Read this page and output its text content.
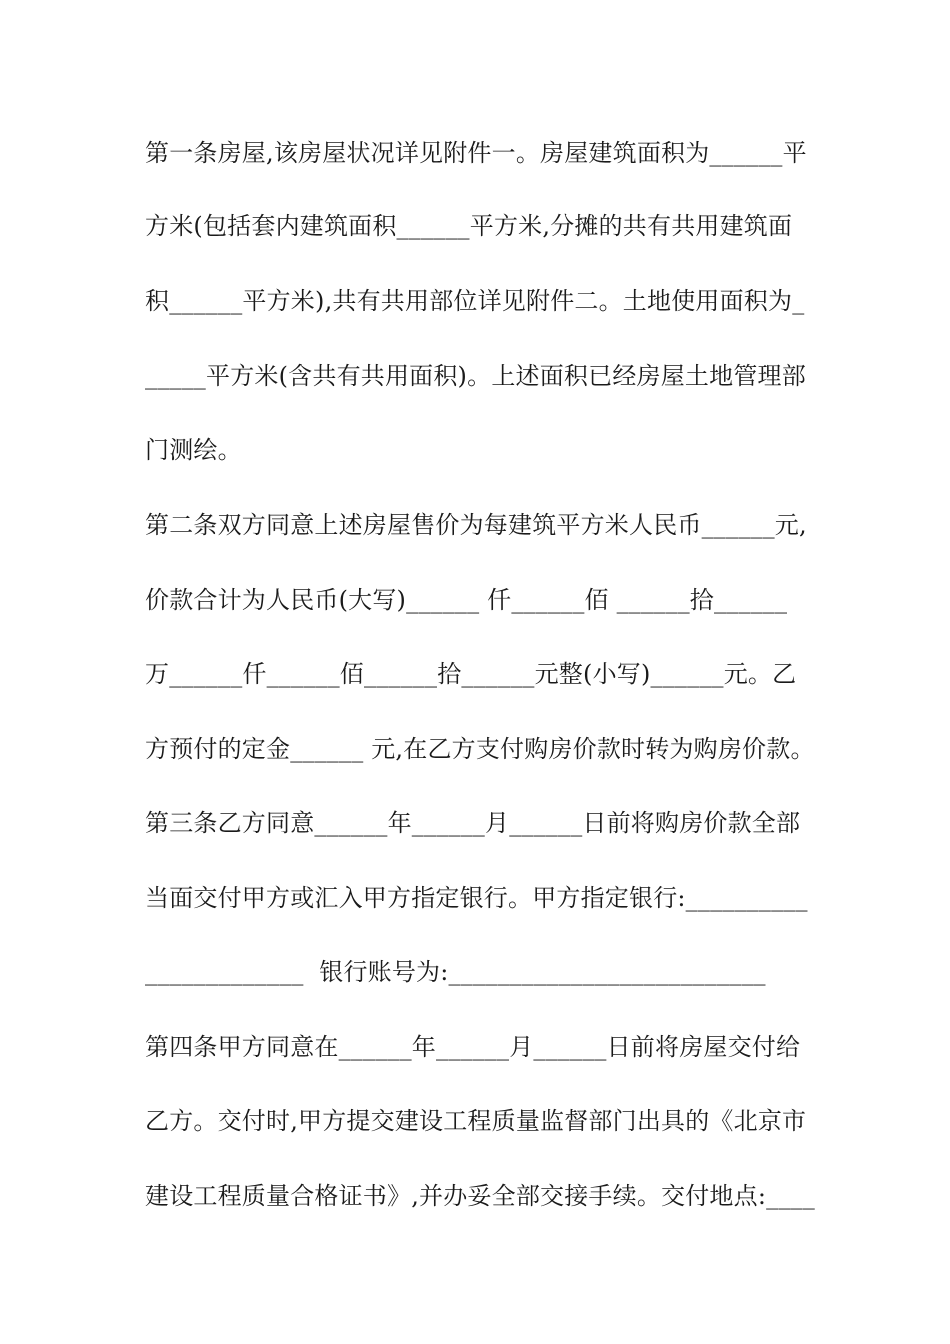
第一条房屋,该房屋状况详见附件一。房屋建筑面积为______平
方米(包括套内建筑面积______平方米,分摊的共有共用建筑面
积______平方米),共有共用部位详见附件二。土地使用面积为_
_____平方米(含共有共用面积)。上述面积已经房屋土地管理部
门测绘。
第二条双方同意上述房屋售价为每建筑平方米人民币______元,
价款合计为人民币(大写)______ 仟______佰 ______拾______
万______仟______佰______拾______元整(小写)______元。乙
方预付的定金______ 元,在乙方支付购房价款时转为购房价款。
第三条乙方同意______年______月______日前将购房价款全部
当面交付甲方或汇入甲方指定银行。甲方指定银行:__________
_____________  银行账号为:__________________________
第四条甲方同意在______年______月______日前将房屋交付给
乙方。交付时,甲方提交建设工程质量监督部门出具的《北京市
建设工程质量合格证书》,并办妥全部交接手续。交付地点:____
